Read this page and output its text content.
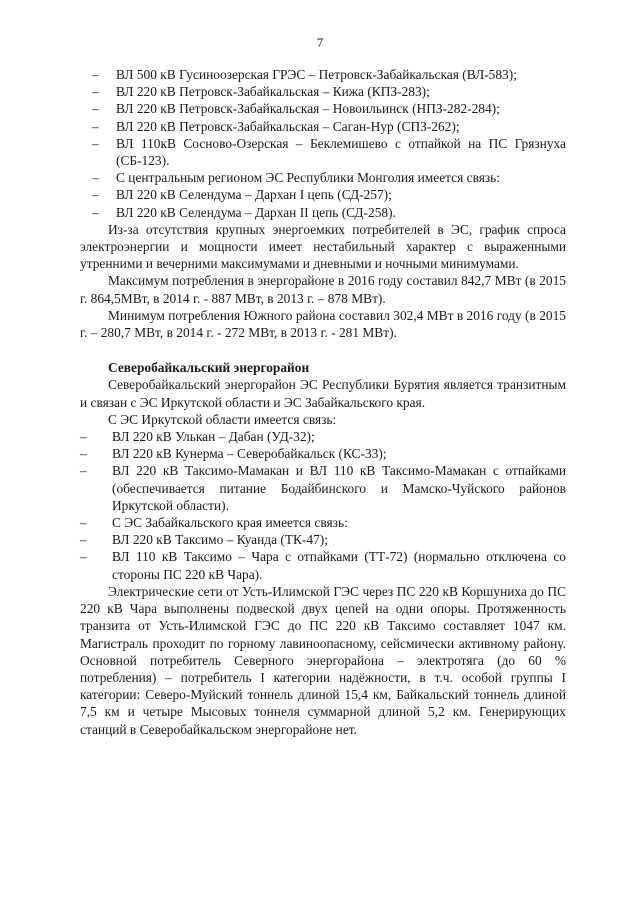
7
–	ВЛ 500 кВ Гусиноозерская ГРЭС – Петровск-Забайкальская (ВЛ-583);
–	ВЛ 220 кВ Петровск-Забайкальская – Кижа (КПЗ-283);
–	ВЛ 220 кВ Петровск-Забайкальская – Новоильинск (НПЗ-282-284);
–	ВЛ 220 кВ Петровск-Забайкальская – Саган-Нур (СПЗ-262);
–	ВЛ 110кВ Сосново-Озерская – Беклемишево с отпайкой на ПС Грязнуха (СБ-123).
–	С центральным регионом ЭС Республики Монголия имеется связь:
–	ВЛ 220 кВ Селендума – Дархан I цепь (СД-257);
–	ВЛ 220 кВ Селендума – Дархан II цепь (СД-258).

Из-за отсутствия крупных энергоемких потребителей в ЭС, график спроса электроэнергии и мощности имеет нестабильный характер с выраженными утренними и вечерними максимумами и дневными и ночными минимумами.

Максимум потребления в энергорайоне в 2016 году составил 842,7 МВт (в 2015 г. 864,5МВт, в 2014 г. - 887 МВт, в 2013 г. – 878 МВт).

Минимум потребления Южного района составил 302,4 МВт в 2016 году (в 2015 г. – 280,7 МВт, в 2014 г. - 272 МВт, в 2013 г. - 281 МВт).

Северобайкальский энергорайон

Северобайкальский энергорайон ЭС Республики Бурятия является транзитным и связан с ЭС Иркутской области и ЭС Забайкальского края.

С ЭС Иркутской области имеется связь:

–	ВЛ 220 кВ Улькан – Дабан (УД-32);
–	ВЛ 220 кВ Кунерма – Северобайкальск (КС-33);
–	ВЛ 220 кВ Таксимо-Мамакан и ВЛ 110 кВ Таксимо-Мамакан с отпайками (обеспечивается питание Бодайбинского и Мамско-Чуйского районов Иркутской области).
–	С ЭС Забайкальского края имеется связь:
–	ВЛ 220 кВ Таксимо – Куанда (ТК-47);
–	ВЛ 110 кВ Таксимо – Чара с отпайками (ТТ-72) (нормально отключена со стороны ПС 220 кВ Чара).

Электрические сети от Усть-Илимской ГЭС через ПС 220 кВ Коршуниха до ПС 220 кВ Чара выполнены подвеской двух цепей на одни опоры. Протяженность транзита от Усть-Илимской ГЭС до ПС 220 кВ Таксимо составляет 1047 км. Магистраль проходит по горному лавиноопасному, сейсмически активному району. Основной потребитель Северного энергорайона – электротяга (до 60 % потребления) – потребитель I категории надёжности, в т.ч. особой группы I категории: Северо-Муйский тоннель длиной 15,4 км, Байкальский тоннель длиной 7,5 км и четыре Мысовых тоннеля суммарной длиной 5,2 км. Генерирующих станций в Северобайкальском энергорайоне нет.
